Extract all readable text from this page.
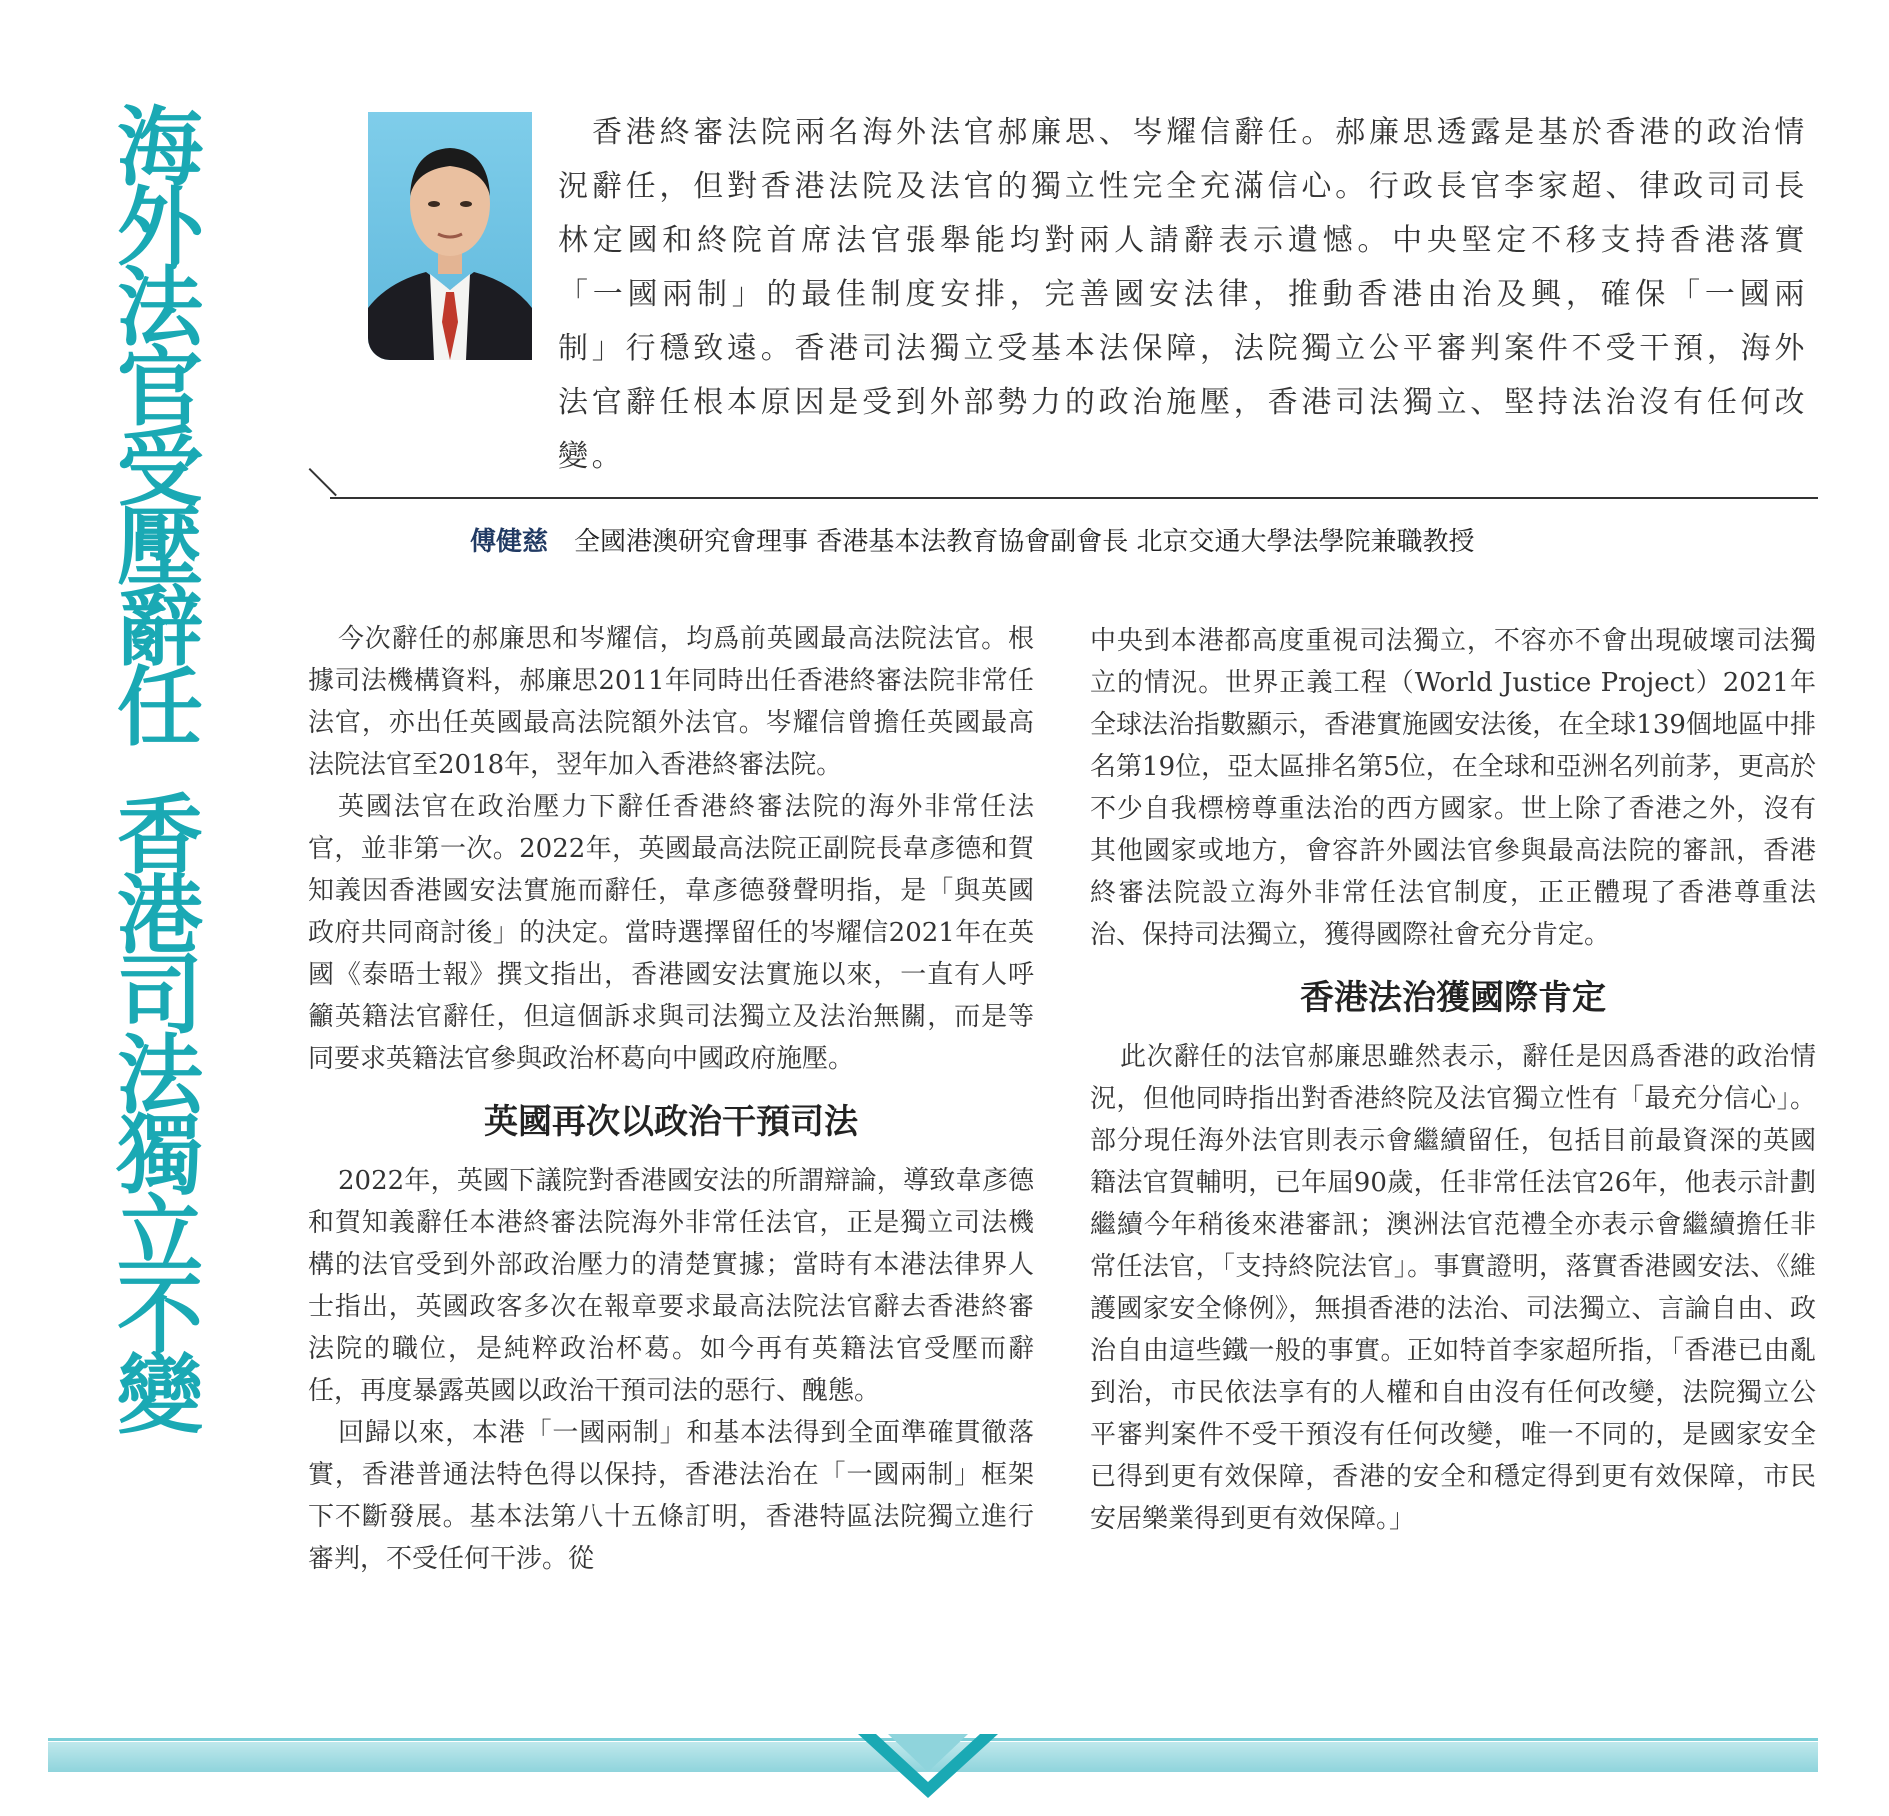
海外法官受壓辭任
香港司法獨立不變
香港終審法院兩名海外法官郝廉思、岑耀信辭任。郝廉思透露是基於香港的政治情況辭任，但對香港法院及法官的獨立性完全充滿信心。行政長官李家超、律政司司長林定國和終院首席法官張舉能均對兩人請辭表示遺憾。中央堅定不移支持香港落實「一國兩制」的最佳制度安排，完善國安法律，推動香港由治及興，確保「一國兩制」行穩致遠。香港司法獨立受基本法保障，法院獨立公平審判案件不受干預，海外法官辭任根本原因是受到外部勢力的政治施壓，香港司法獨立、堅持法治沒有任何改變。
傅健慈 全國港澳研究會理事 香港基本法教育協會副會長 北京交通大學法學院兼職教授

今次辭任的郝廉思和岑耀信，均爲前英國最高法院法官。根據司法機構資料，郝廉思2011年同時出任香港終審法院非常任法官，亦出任英國最高法院額外法官。岑耀信曾擔任英國最高法院法官至2018年，翌年加入香港終審法院。

英國法官在政治壓力下辭任香港終審法院的海外非常任法官，並非第一次。2022年，英國最高法院正副院長韋彥德和賀知義因香港國安法實施而辭任，韋彥德發聲明指，是「與英國政府共同商討後」的決定。當時選擇留任的岑耀信2021年在英國《泰晤士報》撰文指出，香港國安法實施以來，一直有人呼籲英籍法官辭任，但這個訴求與司法獨立及法治無關，而是等同要求英籍法官參與政治杯葛向中國政府施壓。

英國再次以政治干預司法

2022年，英國下議院對香港國安法的所謂辯論，導致韋彥德和賀知義辭任本港終審法院海外非常任法官，正是獨立司法機構的法官受到外部政治壓力的清楚實據；當時有本港法律界人士指出，英國政客多次在報章要求最高法院法官辭去香港終審法院的職位，是純粹政治杯葛。如今再有英籍法官受壓而辭任，再度暴露英國以政治干預司法的惡行、醜態。

回歸以來，本港「一國兩制」和基本法得到全面準確貫徹落實，香港普通法特色得以保持，香港法治在「一國兩制」框架下不斷發展。基本法第八十五條訂明，香港特區法院獨立進行審判，不受任何干涉。從

中央到本港都高度重視司法獨立，不容亦不會出現破壞司法獨立的情況。世界正義工程（World Justice Project）2021年全球法治指數顯示，香港實施國安法後，在全球139個地區中排名第19位，亞太區排名第5位，在全球和亞洲名列前茅，更高於不少自我標榜尊重法治的西方國家。世上除了香港之外，沒有其他國家或地方，會容許外國法官參與最高法院的審訊，香港終審法院設立海外非常任法官制度，正正體現了香港尊重法治、保持司法獨立，獲得國際社會充分肯定。

香港法治獲國際肯定

此次辭任的法官郝廉思雖然表示，辭任是因爲香港的政治情況，但他同時指出對香港終院及法官獨立性有「最充分信心」。部分現任海外法官則表示會繼續留任，包括目前最資深的英國籍法官賀輔明，已年屆90歲，任非常任法官26年，他表示計劃繼續今年稍後來港審訊；澳洲法官范禮全亦表示會繼續擔任非常任法官，「支持終院法官」。事實證明，落實香港國安法、《維護國家安全條例》，無損香港的法治、司法獨立、言論自由、政治自由這些鐵一般的事實。正如特首李家超所指，「香港已由亂到治，市民依法享有的人權和自由沒有任何改變，法院獨立公平審判案件不受干預沒有任何改變，唯一不同的，是國家安全已得到更有效保障，香港的安全和穩定得到更有效保障，市民安居樂業得到更有效保障。」
